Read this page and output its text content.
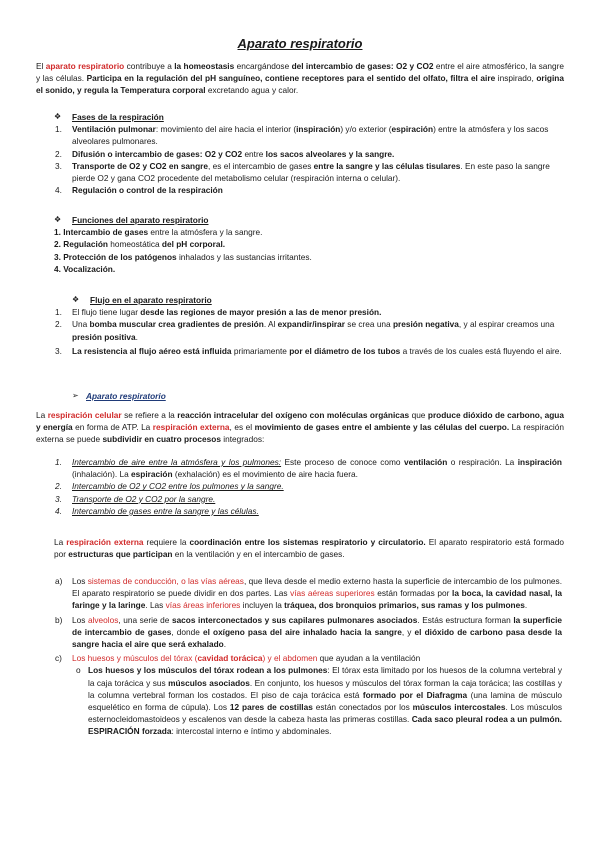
Aparato respiratorio
El aparato respiratorio contribuye a la homeostasis encargándose del intercambio de gases: O2 y CO2 entre el aire atmosférico, la sangre y las células. Participa en la regulación del pH sanguíneo, contiene receptores para el sentido del olfato, filtra el aire inspirado, origina el sonido, y regula la Temperatura corporal excretando agua y calor.
❖ Fases de la respiración
1. Ventilación pulmonar: movimiento del aire hacia el interior (inspiración) y/o exterior (espiración) entre la atmósfera y los sacos alveolares pulmonares.
2. Difusión o intercambio de gases: O2 y CO2 entre los sacos alveolares y la sangre.
3. Transporte de O2 y CO2 en sangre, es el intercambio de gases entre la sangre y las células tisulares. En este paso la sangre pierde O2 y gana CO2 procedente del metabolismo celular (respiración interna o celular).
4. Regulación o control de la respiración
❖ Funciones del aparato respiratorio
1. Intercambio de gases entre la atmósfera y la sangre.
2. Regulación homeostática del pH corporal.
3. Protección de los patógenos inhalados y las sustancias irritantes.
4. Vocalización.
❖ Flujo en el aparato respiratorio
1. El flujo tiene lugar desde las regiones de mayor presión a las de menor presión.
2. Una bomba muscular crea gradientes de presión. Al expandir/inspirar se crea una presión negativa, y al espirar creamos una presión positiva.
3. La resistencia al flujo aéreo está influida primariamente por el diámetro de los tubos a través de los cuales está fluyendo el aire.
➢ Aparato respiratorio
La respiración celular se refiere a la reacción intracelular del oxígeno con moléculas orgánicas que produce dióxido de carbono, agua y energía en forma de ATP. La respiración externa, es el movimiento de gases entre el ambiente y las células del cuerpo. La respiración externa se puede subdividir en cuatro procesos integrados:
1. Intercambio de aire entre la atmósfera y los pulmones: Este proceso de conoce como ventilación o respiración. La inspiración (inhalación). La espiración (exhalación) es el movimiento de aire hacia fuera.
2. Intercambio de O2 y CO2 entre los pulmones y la sangre.
3. Transporte de O2 y CO2 por la sangre.
4. Intercambio de gases entre la sangre y las células.
La respiración externa requiere la coordinación entre los sistemas respiratorio y circulatorio. El aparato respiratorio está formado por estructuras que participan en la ventilación y en el intercambio de gases.
a) Los sistemas de conducción, o las vías aéreas, que lleva desde el medio externo hasta la superficie de intercambio de los pulmones. El aparato respiratorio se puede dividir en dos partes. Las vías aéreas superiores están formadas por la boca, la cavidad nasal, la faringe y la laringe. Las vías áreas inferiores incluyen la tráquea, dos bronquios primarios, sus ramas y los pulmones.
b) Los alveolos, una serie de sacos interconectados y sus capilares pulmonares asociados. Estás estructura forman la superficie de intercambio de gases, donde el oxígeno pasa del aire inhalado hacia la sangre, y el dióxido de carbono pasa desde la sangre hacia el aire que será exhalado.
c) Los huesos y músculos del tórax (cavidad torácica) y el abdomen que ayudan a la ventilación
o Los huesos y los músculos del tórax rodean a los pulmones: El tórax esta limitado por los huesos de la columna vertebral y la caja torácica y sus músculos asociados. En conjunto, los huesos y músculos del tórax forman la caja torácica; las costillas y la columna vertebral forman los costados. El piso de caja torácica está formado por el Diafragma (una lamina de músculo esquelético en forma de cúpula). Los 12 pares de costillas están conectados por los músculos intercostales. Los músculos esternocleidomastoideos y escalenos van desde la cabeza hasta las primeras costillas. Cada saco pleural rodea a un pulmón. ESPIRACIÓN forzada: intercostal interno e íntimo y abdominales.
